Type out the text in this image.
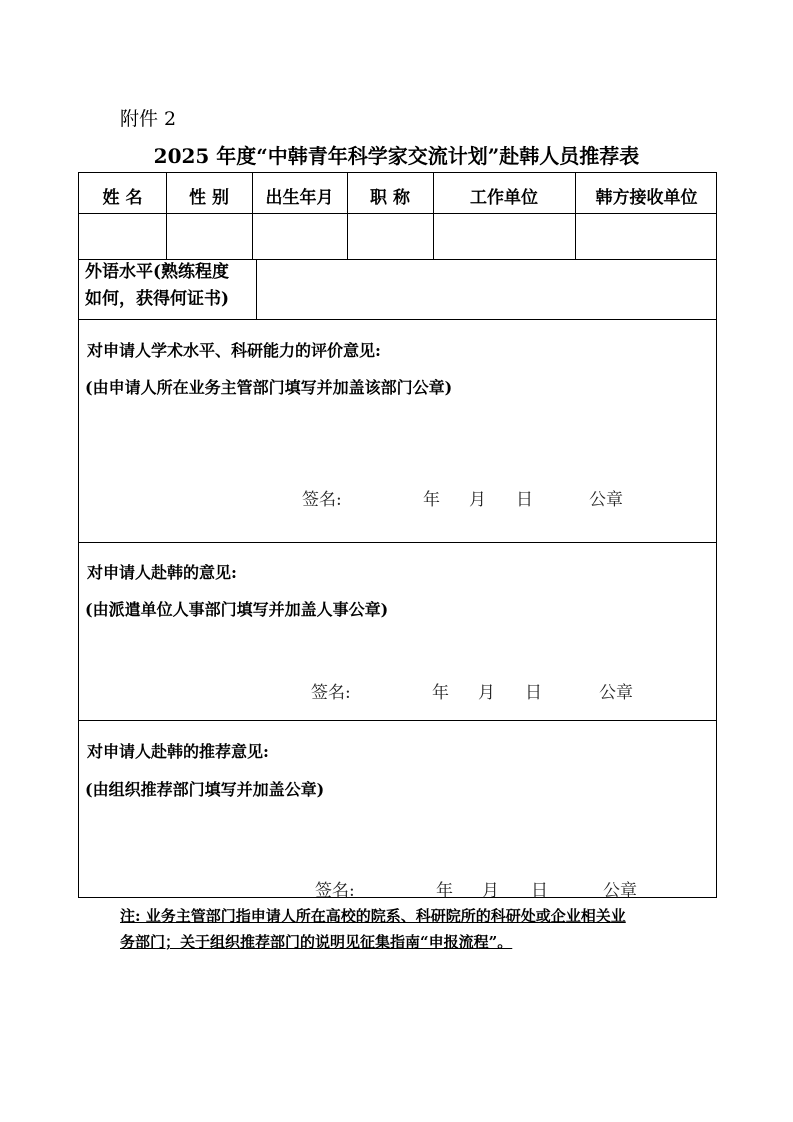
附件 2
2025 年度“中韩青年科学家交流计划”赴韩人员推荐表
姓 名	性 别	出生年月	职 称	工作单位	韩方接收单位
外语水平(熟练程度
如何，获得何证书)
对申请人学术水平、科研能力的评价意见:
(由申请人所在业务主管部门填写并加盖该部门公章)
签名:	年 月 日	公章
对申请人赴韩的意见:
(由派遣单位人事部门填写并加盖人事公章)
签名:	年 月 日	公章
对申请人赴韩的推荐意见:
(由组织推荐部门填写并加盖公章)
签名:	年 月 日	公章
注: 业务主管部门指申请人所在高校的院系、科研院所的科研处或企业相关业
务部门；关于组织推荐部门的说明见征集指南“申报流程”。
